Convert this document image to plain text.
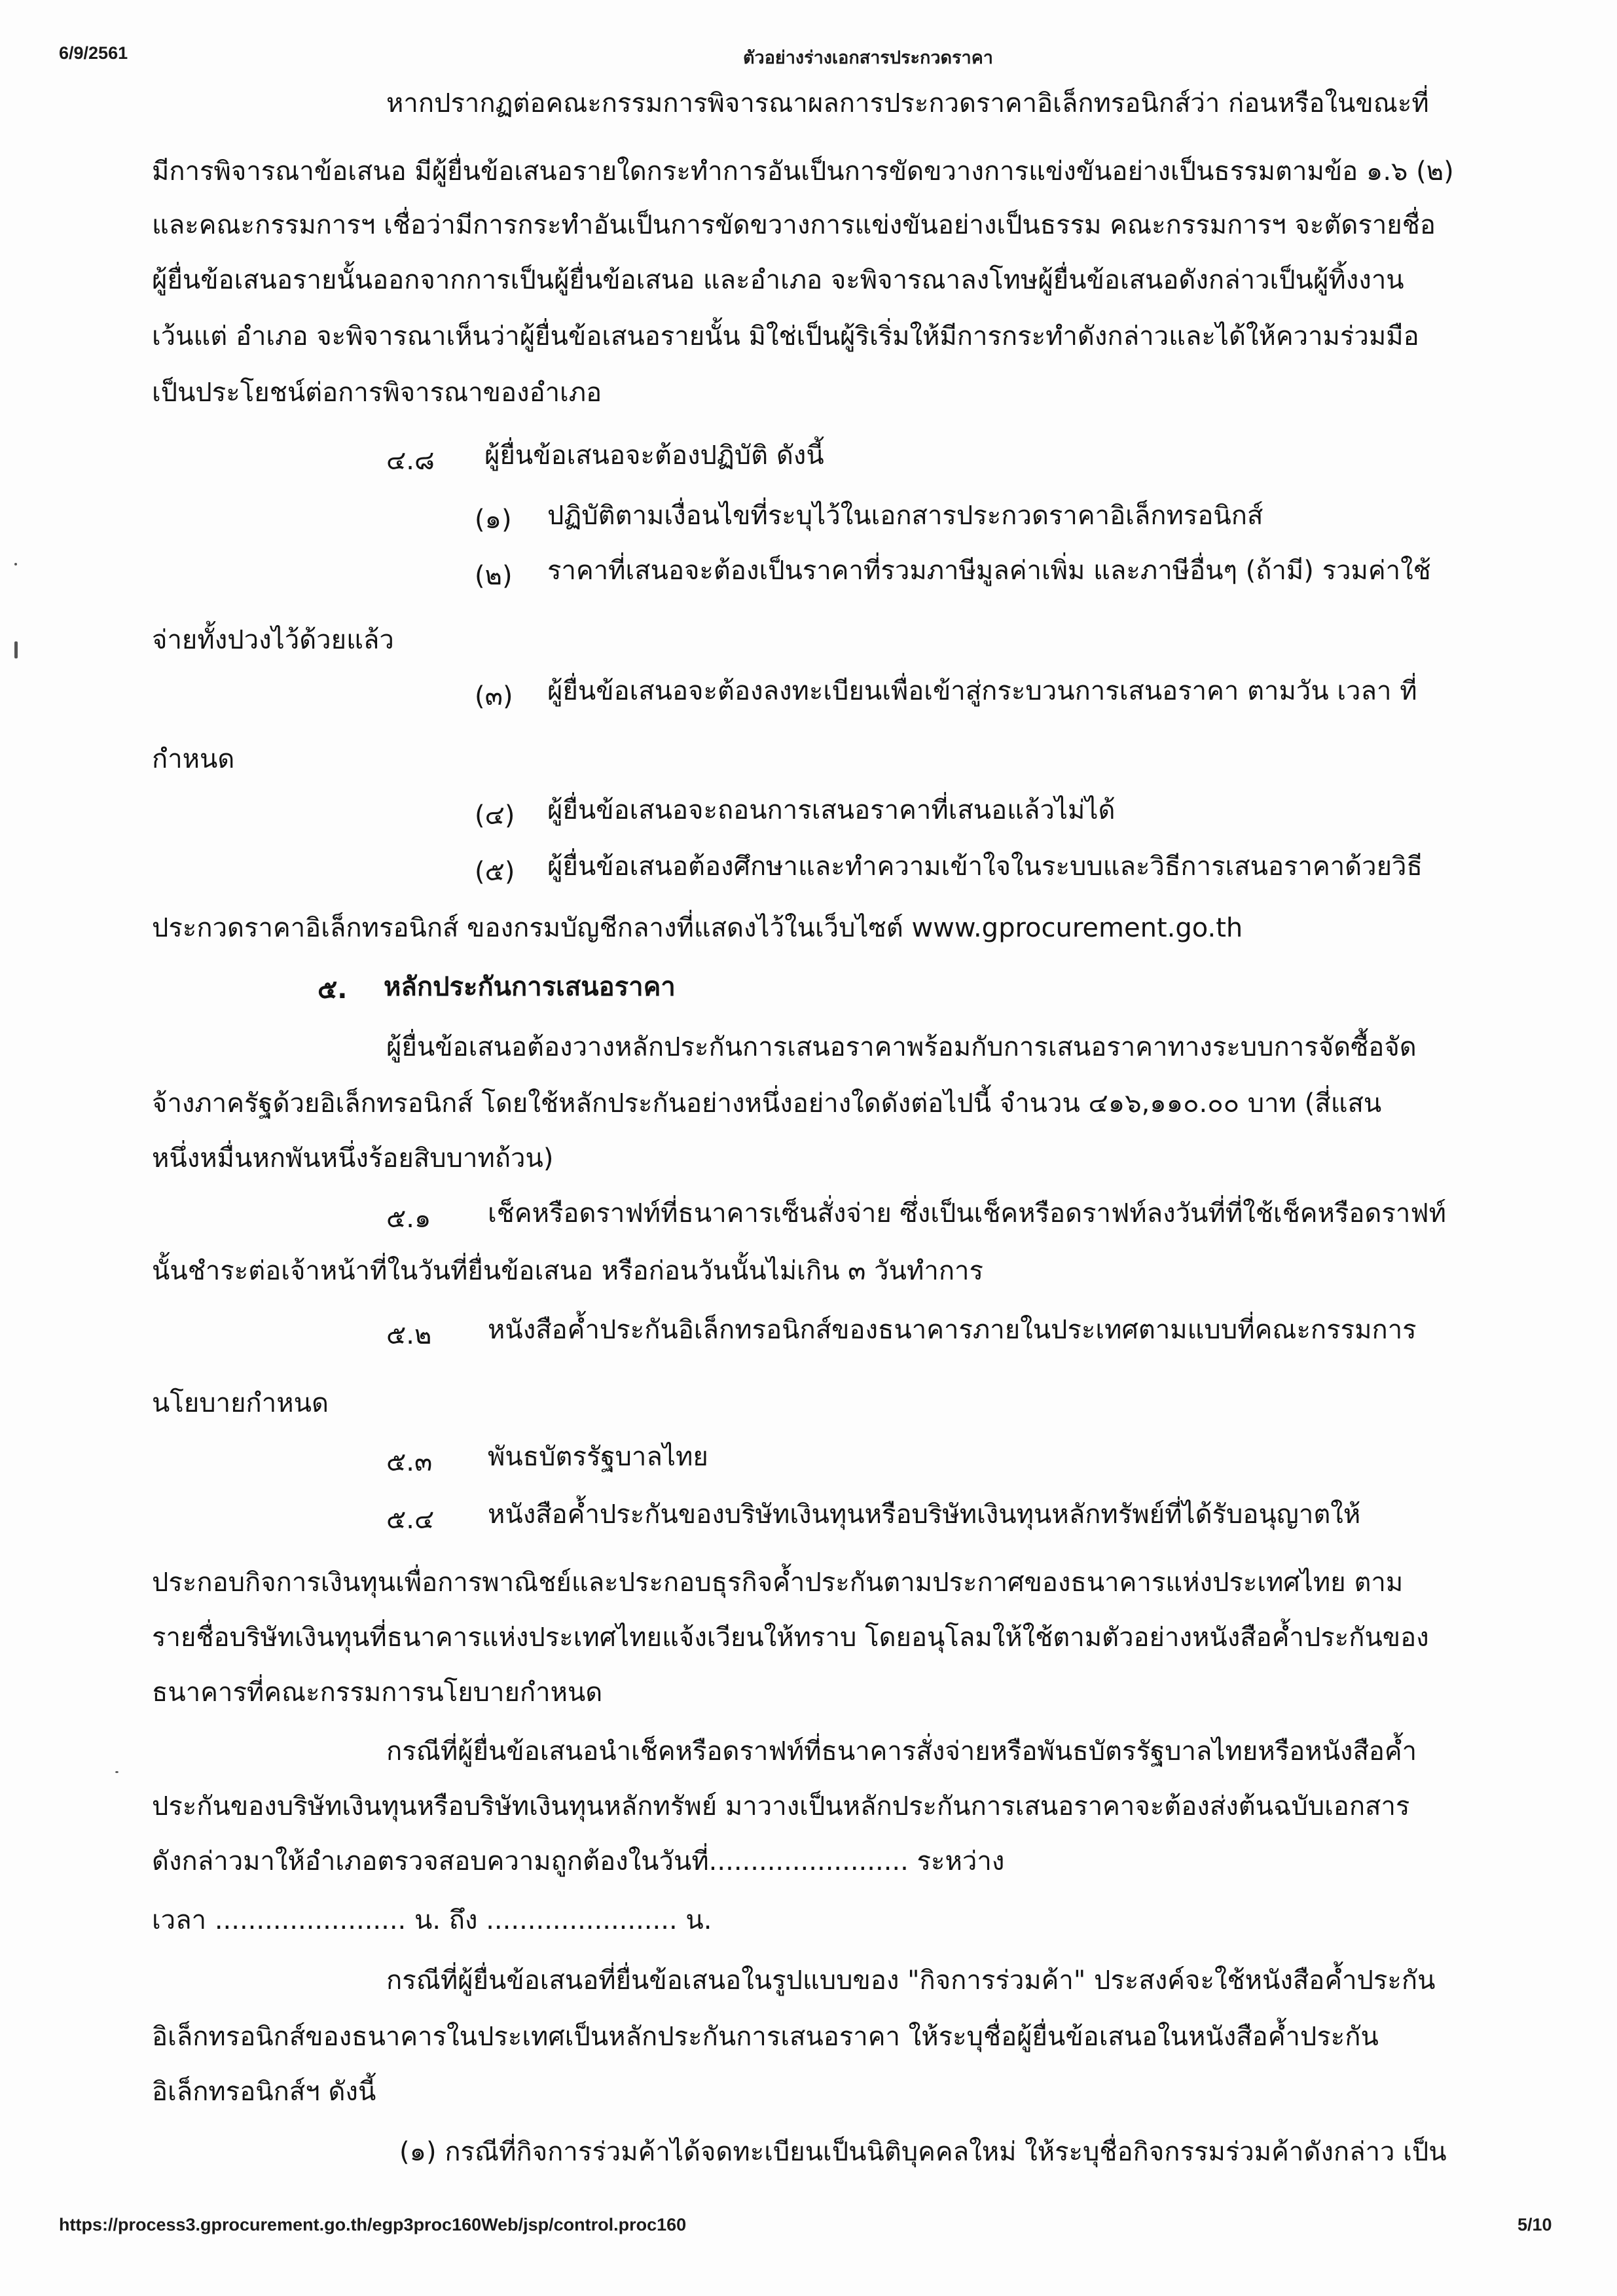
6/9/2561	ตัวอย่างร่างเอกสารประกวดราคา
หากปรากฏต่อคณะกรรมการพิจารณาผลการประกวดราคาอิเล็กทรอนิกส์ว่า ก่อนหรือในขณะที่
มีการพิจารณาข้อเสนอ มีผู้ยื่นข้อเสนอรายใดกระทำการอันเป็นการขัดขวางการแข่งขันอย่างเป็นธรรมตามข้อ ๑.๖ (๒)
และคณะกรรมการฯ เชื่อว่ามีการกระทำอันเป็นการขัดขวางการแข่งขันอย่างเป็นธรรม คณะกรรมการฯ จะตัดรายชื่อ
ผู้ยื่นข้อเสนอรายนั้นออกจากการเป็นผู้ยื่นข้อเสนอ และอำเภอ จะพิจารณาลงโทษผู้ยื่นข้อเสนอดังกล่าวเป็นผู้ทิ้งงาน
เว้นแต่ อำเภอ จะพิจารณาเห็นว่าผู้ยื่นข้อเสนอรายนั้น มิใช่เป็นผู้ริเริ่มให้มีการกระทำดังกล่าวและได้ให้ความร่วมมือ
เป็นประโยชน์ต่อการพิจารณาของอำเภอ
๔.๘ ผู้ยื่นข้อเสนอจะต้องปฏิบัติ ดังนี้
(๑) ปฏิบัติตามเงื่อนไขที่ระบุไว้ในเอกสารประกวดราคาอิเล็กทรอนิกส์
(๒) ราคาที่เสนอจะต้องเป็นราคาที่รวมภาษีมูลค่าเพิ่ม และภาษีอื่นๆ (ถ้ามี) รวมค่าใช้
จ่ายทั้งปวงไว้ด้วยแล้ว
(๓) ผู้ยื่นข้อเสนอจะต้องลงทะเบียนเพื่อเข้าสู่กระบวนการเสนอราคา ตามวัน เวลา ที่
กำหนด
(๔) ผู้ยื่นข้อเสนอจะถอนการเสนอราคาที่เสนอแล้วไม่ได้
(๕) ผู้ยื่นข้อเสนอต้องศึกษาและทำความเข้าใจในระบบและวิธีการเสนอราคาด้วยวิธี
ประกวดราคาอิเล็กทรอนิกส์ ของกรมบัญชีกลางที่แสดงไว้ในเว็บไซต์ www.gprocurement.go.th
๕. หลักประกันการเสนอราคา
ผู้ยื่นข้อเสนอต้องวางหลักประกันการเสนอราคาพร้อมกับการเสนอราคาทางระบบการจัดซื้อจัด
จ้างภาครัฐด้วยอิเล็กทรอนิกส์ โดยใช้หลักประกันอย่างหนึ่งอย่างใดดังต่อไปนี้ จำนวน ๔๑๖,๑๑๐.๐๐ บาท (สี่แสน
หนึ่งหมื่นหกพันหนึ่งร้อยสิบบาทถ้วน)
๕.๑ เช็คหรือดราฟท์ที่ธนาคารเซ็นสั่งจ่าย ซึ่งเป็นเช็คหรือดราฟท์ลงวันที่ที่ใช้เช็คหรือดราฟท์
นั้นชำระต่อเจ้าหน้าที่ในวันที่ยื่นข้อเสนอ หรือก่อนวันนั้นไม่เกิน ๓ วันทำการ
๕.๒ หนังสือค้ำประกันอิเล็กทรอนิกส์ของธนาคารภายในประเทศตามแบบที่คณะกรรมการ
นโยบายกำหนด
๕.๓ พันธบัตรรัฐบาลไทย
๕.๔ หนังสือค้ำประกันของบริษัทเงินทุนหรือบริษัทเงินทุนหลักทรัพย์ที่ได้รับอนุญาตให้
ประกอบกิจการเงินทุนเพื่อการพาณิชย์และประกอบธุรกิจค้ำประกันตามประกาศของธนาคารแห่งประเทศไทย ตาม
รายชื่อบริษัทเงินทุนที่ธนาคารแห่งประเทศไทยแจ้งเวียนให้ทราบ โดยอนุโลมให้ใช้ตามตัวอย่างหนังสือค้ำประกันของ
ธนาคารที่คณะกรรมการนโยบายกำหนด
กรณีที่ผู้ยื่นข้อเสนอนำเช็คหรือดราฟท์ที่ธนาคารสั่งจ่ายหรือพันธบัตรรัฐบาลไทยหรือหนังสือค้ำ
ประกันของบริษัทเงินทุนหรือบริษัทเงินทุนหลักทรัพย์ มาวางเป็นหลักประกันการเสนอราคาจะต้องส่งต้นฉบับเอกสาร
ดังกล่าวมาให้อำเภอตรวจสอบความถูกต้องในวันที่........................ ระหว่าง
เวลา ....................... น. ถึง ....................... น.
กรณีที่ผู้ยื่นข้อเสนอที่ยื่นข้อเสนอในรูปแบบของ "กิจการร่วมค้า" ประสงค์จะใช้หนังสือค้ำประกัน
อิเล็กทรอนิกส์ของธนาคารในประเทศเป็นหลักประกันการเสนอราคา ให้ระบุชื่อผู้ยื่นข้อเสนอในหนังสือค้ำประกัน
อิเล็กทรอนิกส์ฯ ดังนี้
(๑) กรณีที่กิจการร่วมค้าได้จดทะเบียนเป็นนิติบุคคลใหม่ ให้ระบุชื่อกิจกรรมร่วมค้าดังกล่าว เป็น
https://process3.gprocurement.go.th/egp3proc160Web/jsp/control.proc160	5/10
